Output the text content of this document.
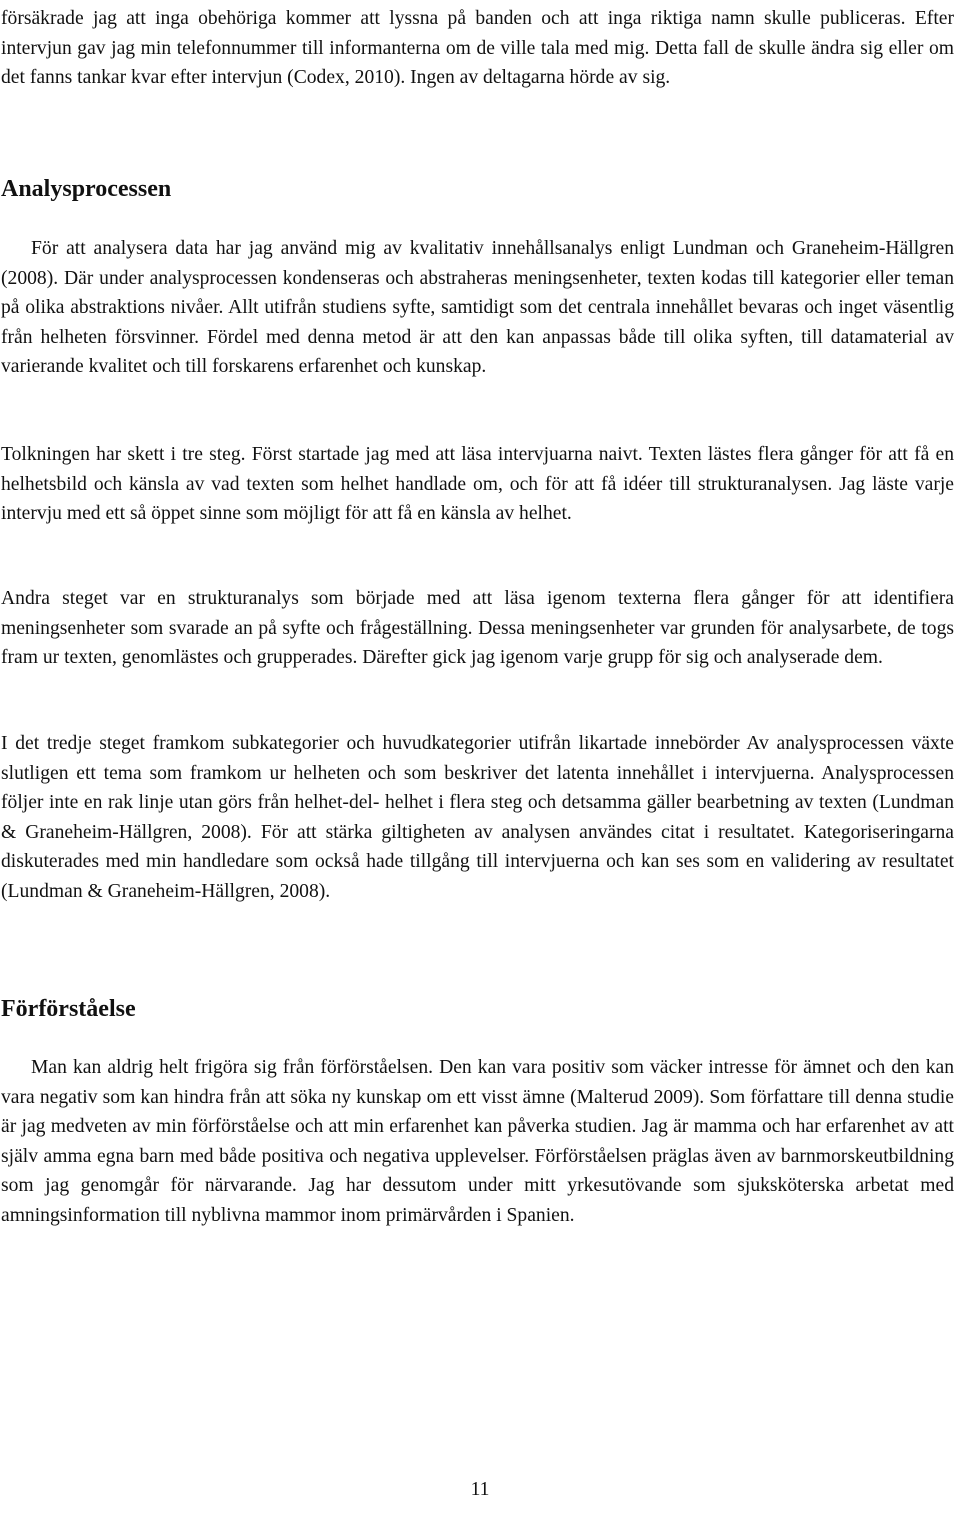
försäkrade jag att inga obehöriga kommer att lyssna på banden och att inga riktiga namn skulle publiceras. Efter intervjun gav jag min telefonnummer till informanterna om de ville tala med mig. Detta fall de skulle ändra sig eller om det fanns tankar kvar efter intervjun (Codex, 2010). Ingen av deltagarna hörde av sig.

Analysprocessen

För att analysera data har jag använd mig av kvalitativ innehållsanalys enligt Lundman och Graneheim-Hällgren (2008). Där under analysprocessen kondenseras och abstraheras meningsenheter, texten kodas till kategorier eller teman på olika abstraktions nivåer. Allt utifrån studiens syfte, samtidigt som det centrala innehållet bevaras och inget väsentlig från helheten försvinner. Fördel med denna metod är att den kan anpassas både till olika syften, till datamaterial av varierande kvalitet och till forskarens erfarenhet och kunskap.

Tolkningen har skett i tre steg. Först startade jag med att läsa intervjuarna naivt. Texten lästes flera gånger för att få en helhetsbild och känsla av vad texten som helhet handlade om, och för att få idéer till strukturanalysen. Jag läste varje intervju med ett så öppet sinne som möjligt för att få en känsla av helhet.

Andra steget var en strukturanalys som började med att läsa igenom texterna flera gånger för att identifiera meningsenheter som svarade an på syfte och frågeställning. Dessa meningsenheter var grunden för analysarbete, de togs fram ur texten, genomlästes och grupperades. Därefter gick jag igenom varje grupp för sig och analyserade dem.

I det tredje steget framkom subkategorier och huvudkategorier utifrån likartade innebörder Av analysprocessen växte slutligen ett tema som framkom ur helheten och som beskriver det latenta innehållet i intervjuerna. Analysprocessen följer inte en rak linje utan görs från helhet-del- helhet i flera steg och detsamma gäller bearbetning av texten (Lundman & Graneheim-Hällgren, 2008). För att stärka giltigheten av analysen användes citat i resultatet. Kategoriseringarna diskuterades med min handledare som också hade tillgång till intervjuerna och kan ses som en validering av resultatet (Lundman & Graneheim-Hällgren, 2008).

Förförståelse

Man kan aldrig helt frigöra sig från förförståelsen. Den kan vara positiv som väcker intresse för ämnet och den kan vara negativ som kan hindra från att söka ny kunskap om ett visst ämne (Malterud 2009). Som författare till denna studie är jag medveten av min förförståelse och att min erfarenhet kan påverka studien. Jag är mamma och har erfarenhet av att själv amma egna barn med både positiva och negativa upplevelser. Förförståelsen präglas även av barnmorskeutbildning som jag genomgår för närvarande. Jag har dessutom under mitt yrkesutövande som sjuksköterska arbetat med amningsinformation till nyblivna mammor inom primärvården i Spanien.

11
